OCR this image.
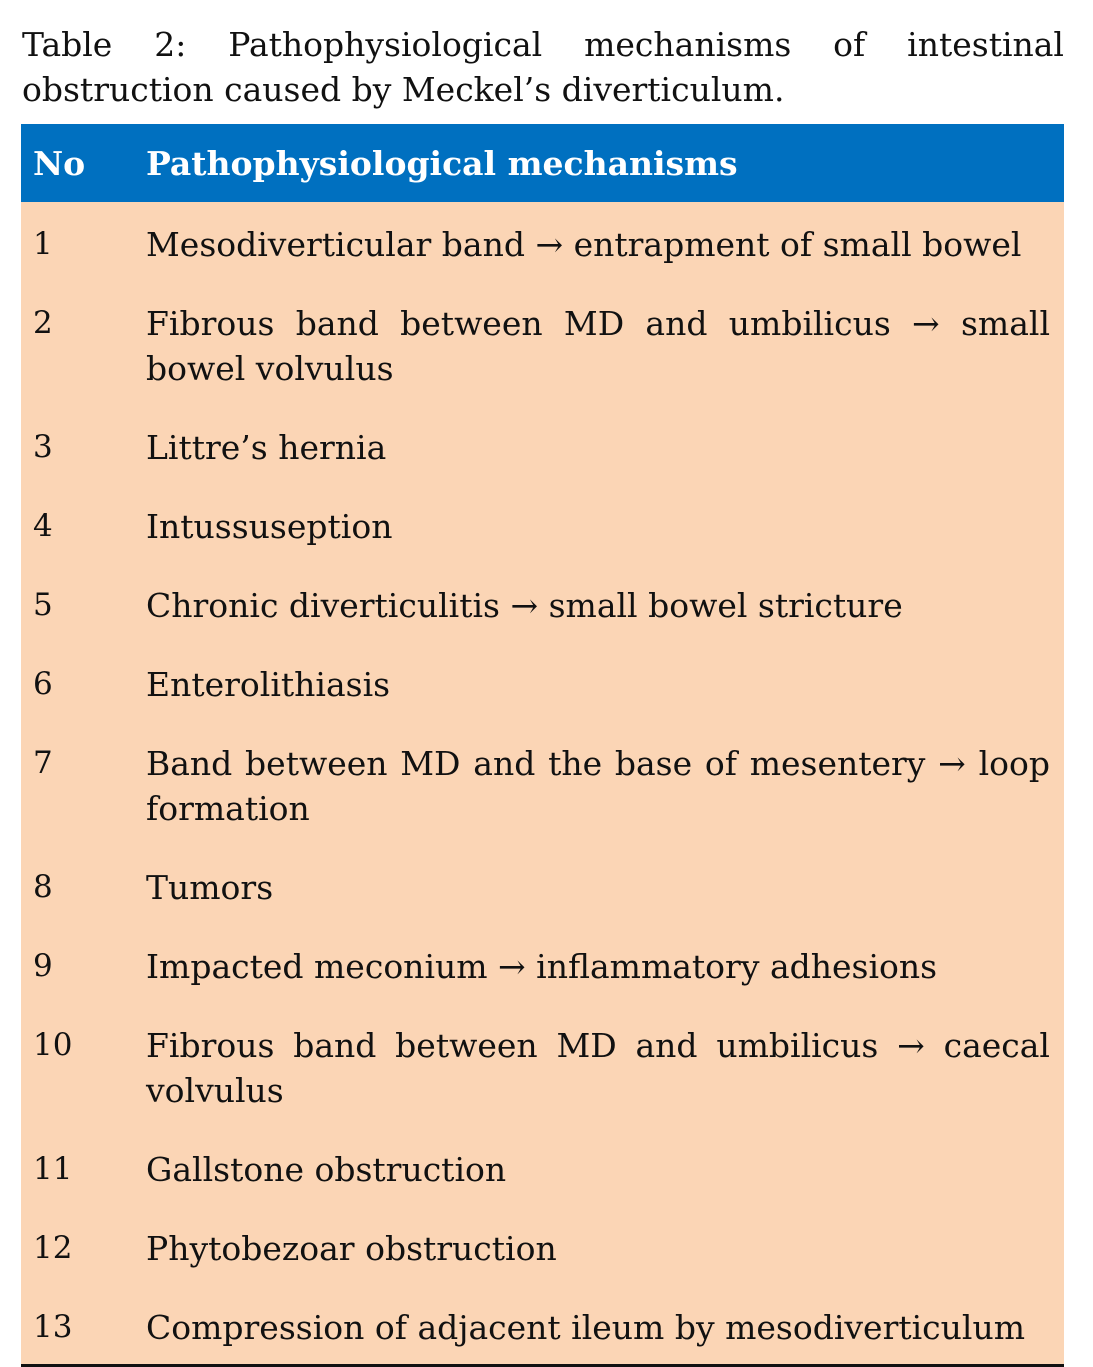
Table 2: Pathophysiological mechanisms of intestinal obstruction caused by Meckel’s diverticulum.

No	Pathophysiological mechanisms
1	Mesodiverticular band → entrapment of small bowel
2	Fibrous band between MD and umbilicus → small bowel volvulus
3	Littre’s hernia
4	Intussuseption
5	Chronic diverticulitis → small bowel stricture
6	Enterolithiasis
7	Band between MD and the base of mesentery → loop formation
8	Tumors
9	Impacted meconium → inflammatory adhesions
10	Fibrous band between MD and umbilicus → caecal volvulus
11	Gallstone obstruction
12	Phytobezoar obstruction
13	Compression of adjacent ileum by mesodiverticulum
